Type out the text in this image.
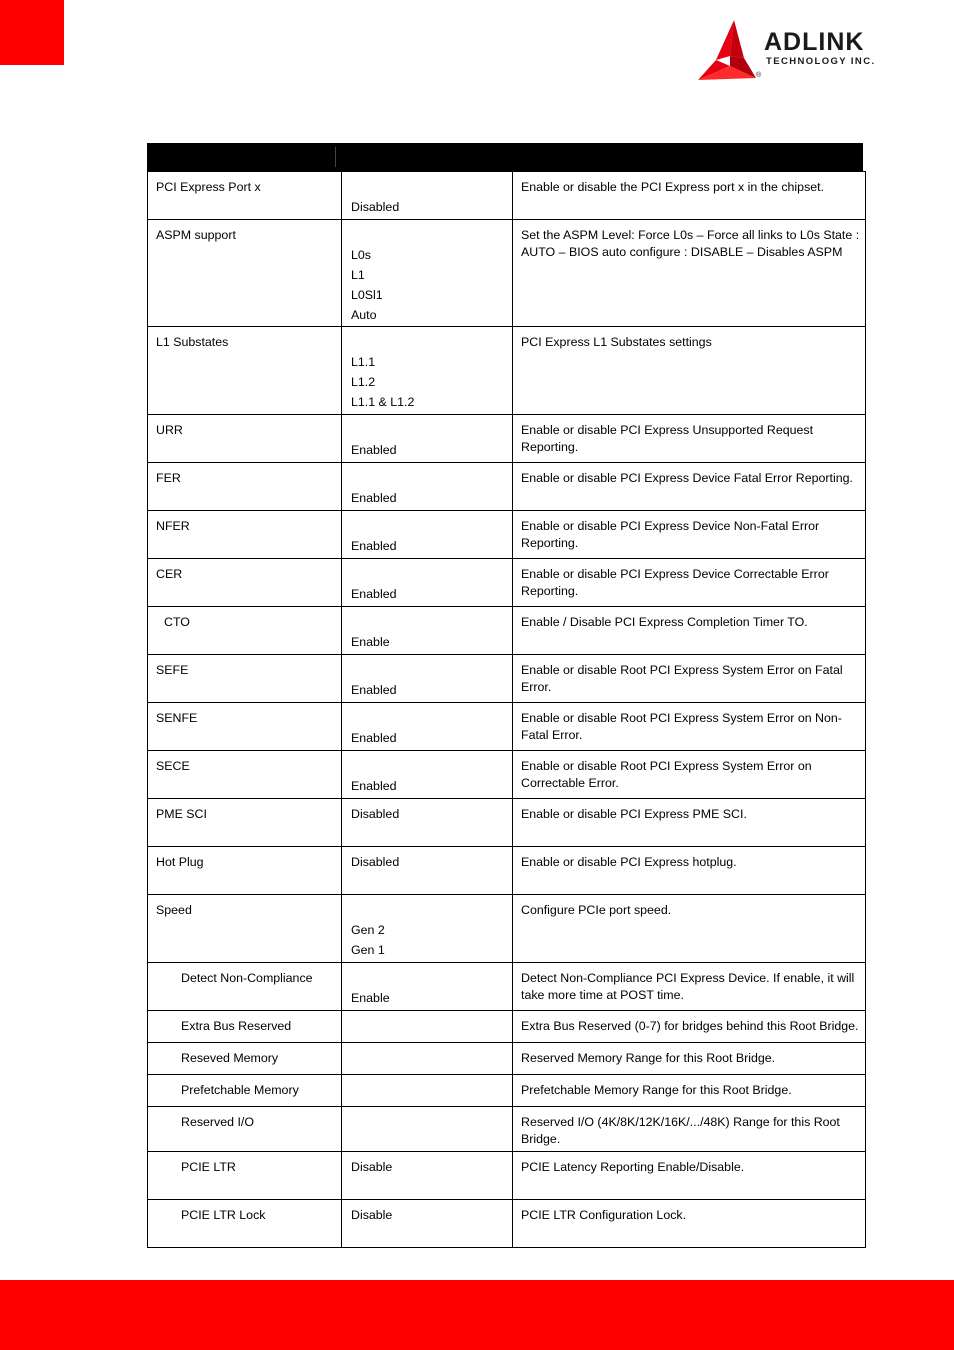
ADLINK
TECHNOLOGY INC.
®
PCI Express Port x	Disabled	Enable or disable the PCI Express port x in the chipset.

ASPM support	L0s
L1
L0Sl1
Auto	Set the ASPM Level: Force L0s – Force all links to L0s State : AUTO – BIOS auto configure : DISABLE – Disables ASPM

L1 Substates	L1.1
L1.2
L1.1 & L1.2	PCI Express L1 Substates settings

URR	Enabled	Enable or disable PCI Express Unsupported Request Reporting.

FER	Enabled	Enable or disable PCI Express Device Fatal Error Reporting.

NFER	Enabled	Enable or disable PCI Express Device Non-Fatal Error Reporting.

CER	Enabled	Enable or disable PCI Express Device Correctable Error Reporting.

CTO	Enable	Enable / Disable PCI Express Completion Timer TO.

SEFE	Enabled	Enable or disable Root PCI Express System Error on Fatal Error.

SENFE	Enabled	Enable or disable Root PCI Express System Error on Non-Fatal Error.

SECE	Enabled	Enable or disable Root PCI Express System Error on Correctable Error.

PME SCI	Disabled	Enable or disable PCI Express PME SCI.

Hot Plug	Disabled	Enable or disable PCI Express hotplug.

Speed	Gen 2
Gen 1	Configure PCIe port speed.

Detect Non-Compliance	Enable	Detect Non-Compliance PCI Express Device. If enable, it will take more time at POST time.

Extra Bus Reserved		Extra Bus Reserved (0-7) for bridges behind this Root Bridge.

Reseved Memory		Reserved Memory Range for this Root Bridge.

Prefetchable Memory		Prefetchable Memory Range for this Root Bridge.

Reserved I/O		Reserved I/O (4K/8K/12K/16K/.../48K) Range for this Root Bridge.

PCIE LTR	Disable	PCIE Latency Reporting Enable/Disable.

PCIE LTR Lock	Disable	PCIE LTR Configuration Lock.
